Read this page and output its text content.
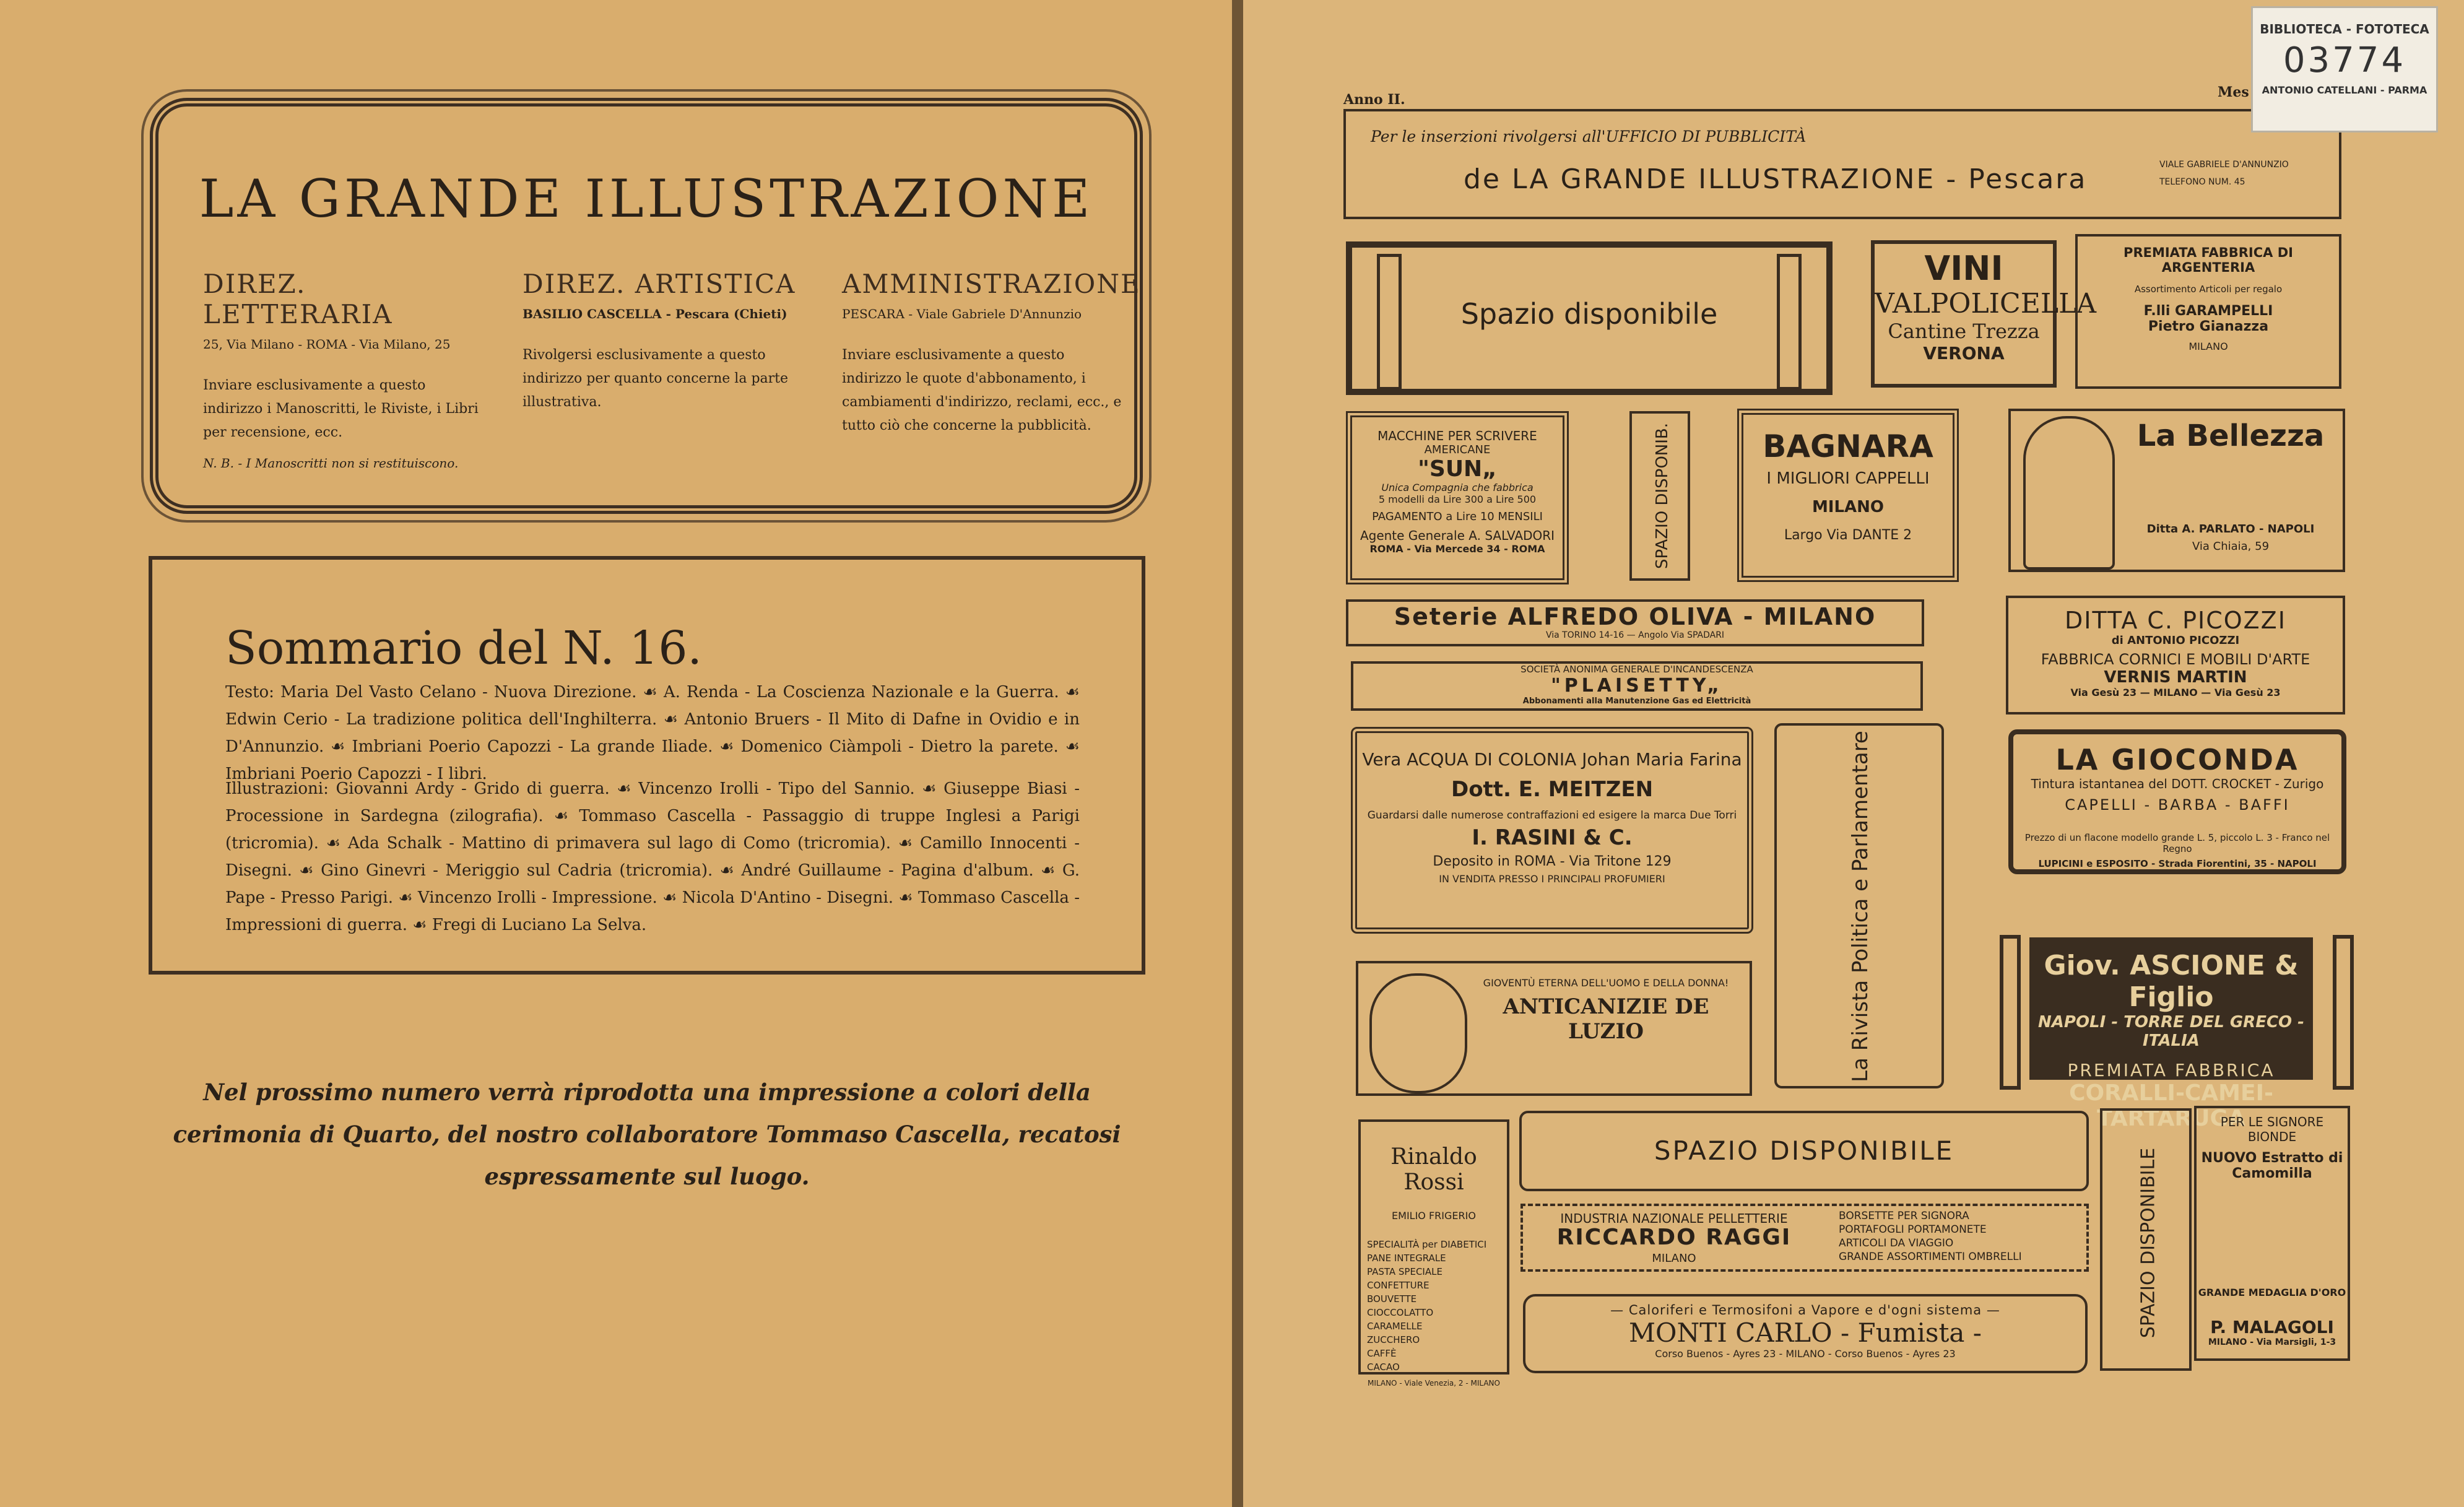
LA GRANDE ILLUSTRAZIONE
DIREZ. LETTERARIA
25, Via Milano - ROMA - Via Milano, 25
Inviare esclusivamente a questo indirizzo i Manoscritti, le Riviste, i Libri per recensione, ecc.
N. B. - I Manoscritti non si restituiscono.
DIREZ. ARTISTICA
BASILIO CASCELLA - Pescara (Chieti)
Rivolgersi esclusivamente a questo indirizzo per quanto concerne la parte illustrativa.
AMMINISTRAZIONE
PESCARA - Viale Gabriele D'Annunzio
Inviare esclusivamente a questo indirizzo le quote d'abbonamento, i cambiamenti d'indirizzo, reclami, ecc., e tutto ciò che concerne la pubblicità.
Sommario del N. 16.
Testo: Maria Del Vasto Celano - Nuova Direzione. ☙ A. Renda - La Coscienza Nazionale e la Guerra. ☙ Edwin Cerio - La tradizione politica dell'Inghilterra. ☙ Antonio Bruers - Il Mito di Dafne in Ovidio e in D'Annunzio. ☙ Imbriani Poerio Capozzi - La grande Iliade. ☙ Domenico Ciàmpoli - Dietro la parete. ☙ Imbriani Poerio Capozzi - I libri.
Illustrazioni: Giovanni Ardy - Grido di guerra. ☙ Vincenzo Irolli - Tipo del Sannio. ☙ Giuseppe Biasi - Processione in Sardegna (zilografia). ☙ Tommaso Cascella - Passaggio di truppe Inglesi a Parigi (tricromia). ☙ Ada Schalk - Mattino di primavera sul lago di Como (tricromia). ☙ Camillo Innocenti - Disegni. ☙ Gino Ginevri - Meriggio sul Cadria (tricromia). ☙ André Guillaume - Pagina d'album. ☙ G. Pape - Presso Parigi. ☙ Vincenzo Irolli - Impressione. ☙ Nicola D'Antino - Disegni. ☙ Tommaso Cascella - Impressioni di guerra. ☙ Fregi di Luciano La Selva.
Nel prossimo numero verrà riprodotta una impressione a colori della cerimonia di Quarto, del nostro collaboratore Tommaso Cascella, recatosi espressamente sul luogo.
Anno II.	Mes
Per le inserzioni rivolgersi all'UFFICIO DI PUBBLICITÀ
de LA GRANDE ILLUSTRAZIONE - Pescara	VIALE GABRIELE D'ANNUNZIO
TELEFONO NUM. 45
Spazio disponibile
VINI
VALPOLICELLA
Cantine Trezza
VERONA
PREMIATA FABBRICA DI ARGENTERIA
Assortimento Articoli per regalo
F.lli GARAMPELLI
Pietro Gianazza
MILANO
MACCHINE PER SCRIVERE
AMERICANE
"SUN„
Unica Compagnia che fabbrica
5 modelli da Lire 300 a Lire 500
PAGAMENTO a Lire 10 MENSILI
Agente Generale A. SALVADORI
ROMA - Via Mercede 34 - ROMA	SPAZIO DISPONIB.	BAGNARA
I MIGLIORI CAPPELLI
MILANO
Largo Via DANTE 2
La Bellezza
Ditta A. PARLATO - NAPOLI
Via Chiaia, 59
Seterie ALFREDO OLIVA - MILANO
Via TORINO 14-16 — Angolo Via SPADARI
SOCIETÀ ANONIMA GENERALE D'INCANDESCENZA
"PLAISETTY„
Abbonamenti alla Manutenzione Gas ed Elettricità
DITTA C. PICOZZI
di ANTONIO PICOZZI
FABBRICA CORNICI E MOBILI D'ARTE
VERNIS MARTIN
Via Gesù 23 — MILANO — Via Gesù 23
Vera ACQUA DI COLONIA Johan Maria Farina
Dott. E. MEITZEN
Guardarsi dalle numerose contraffazioni ed esigere la marca Due Torri
I. RASINI & C.
Deposito in ROMA - Via Tritone 129
IN VENDITA PRESSO I PRINCIPALI PROFUMIERI	La Rivista Politica e Parlamentare	LA GIOCONDA
Tintura istantanea del DOTT. CROCKET - Zurigo
CAPELLI - BARBA - BAFFI
Prezzo di un flacone modello grande L. 5, piccolo L. 3 - Franco nel Regno
LUPICINI e ESPOSITO - Strada Fiorentini, 35 - NAPOLI
Giov. ASCIONE & Figlio
NAPOLI - TORRE DEL GRECO - ITALIA
PREMIATA FABBRICA
CORALLI-CAMEI-TARTARUGA
GIOVENTÙ ETERNA DELL'UOMO E DELLA DONNA!
ANTICANIZIE DE LUZIO
Rinaldo Rossi
EMILIO FRIGERIO
SPECIALITÀ per DIABETICI
PANE INTEGRALE
PASTA SPECIALE
CONFETTURE
BOUVETTE
CIOCCOLATTO
CARAMELLE
ZUCCHERO
CAFFÈ
CACAO
MILANO - Viale Venezia, 2 - MILANO
SPAZIO DISPONIBILE
INDUSTRIA NAZIONALE PELLETTERIE
RICCARDO RAGGI
MILANO
BORSETTE PER SIGNORA
PORTAFOGLI PORTAMONETE
ARTICOLI DA VIAGGIO
GRANDE ASSORTIMENTI OMBRELLI
— Caloriferi e Termosifoni a Vapore e d'ogni sistema —
MONTI CARLO - Fumista -
Corso Buenos - Ayres 23 - MILANO - Corso Buenos - Ayres 23
SPAZIO DISPONIBILE
PER LE SIGNORE BIONDE
NUOVO Estratto di Camomilla
GRANDE MEDAGLIA D'ORO
P. MALAGOLI
MILANO - Via Marsigli, 1-3
BIBLIOTECA - FOTOTECA
03774
ANTONIO CATELLANI - PARMA
